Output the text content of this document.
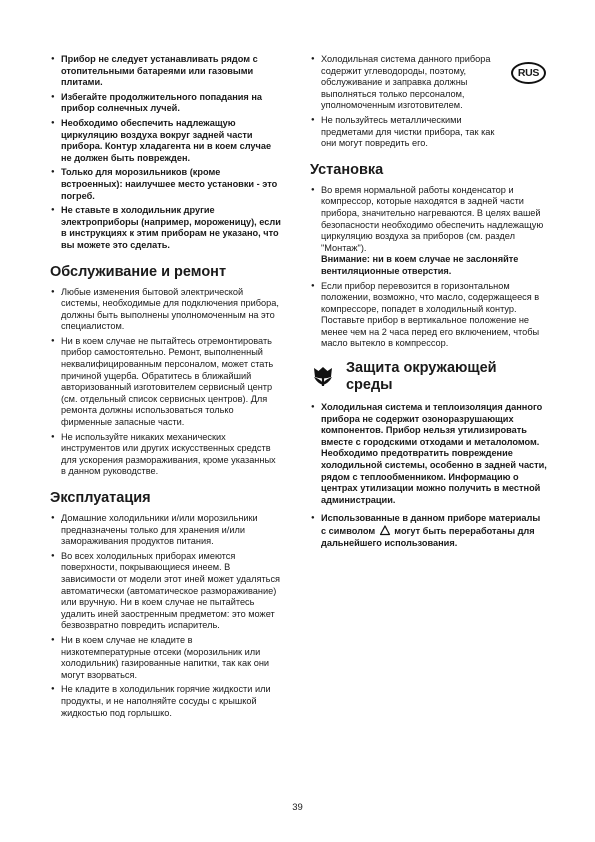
RUS
● Прибор не следует устанавливать рядом с отопительными батареями или газовыми плитами.
● Избегайте продолжительного попадания на прибор солнечных лучей.
● Необходимо обеспечить надлежащую циркуляцию воздуха вокруг задней части прибора. Контур хладагента ни в коем случае не должен быть поврежден.
● Только для морозильников (кроме встроенных): наилучшее место установки - это погреб.
● Не ставьте в холодильник другие электроприборы (например, мороженицу), если в инструкциях к этим приборам не указано, что вы можете это сделать.
Обслуживание и ремонт
● Любые изменения бытовой электрической системы, необходимые для подключения прибора, должны быть выполнены уполномоченным на это специалистом.
● Ни в коем случае не пытайтесь отремонтировать прибор самостоятельно. Ремонт, выполненный неквалифицированным персоналом, может стать причиной ущерба. Обратитесь в ближайший авторизованный изготовителем сервисный центр (см. отдельный список сервисных центров). Для ремонта должны использоваться только фирменные запасные части.
● Не используйте никаких механических инструментов или других искусственных средств для ускорения размораживания, кроме указанных в данном руководстве.
Эксплуатация
● Домашние холодильники и/или морозильники предназначены только для хранения и/или замораживания продуктов питания.
● Во всех холодильных приборах имеются поверхности, покрывающиеся инеем. В зависимости от модели этот иней может удаляться автоматически (автоматическое размораживание) или вручную. Ни в коем случае не пытайтесь удалить иней заостренным предметом: это может безвозвратно повредить испаритель.
● Ни в коем случае не кладите в низкотемпературные отсеки (морозильник или холодильник) газированные напитки, так как они могут взорваться.
● Не кладите в холодильник горячие жидкости или продукты, и не наполняйте сосуды с крышкой жидкостью под горлышко.
● Холодильная система данного прибора содержит углеводороды, поэтому, обслуживание и заправка должны выполняться только персоналом, уполномоченным изготовителем.
● Не пользуйтесь металлическими предметами для чистки прибора, так как они могут повредить его.
Установка
● Во время нормальной работы конденсатор и компрессор, которые находятся в задней части прибора, значительно нагреваются. В целях вашей безопасности необходимо обеспечить надлежащую циркуляцию воздуха за приборов (см. раздел "Монтаж").

Внимание: ни в коем случае не заслоняйте вентиляционные отверстия.

● Если прибор перевозится в горизонтальном положении, возможно, что масло, содержащееся в компрессоре, попадет в холодильный контур. Поставьте прибор в вертикальное положение не менее чем на 2 часа перед его включением, чтобы масло вытекло в компрессор.

Защита окружающей среды
● Холодильная система и теплоизоляция данного прибора не содержит озоноразрушающих компонентов. Прибор нельзя утилизировать вместе с городскими отходами и металоломом. Необходимо предотвратить повреждение холодильной системы, особенно в задней части, рядом с теплообменником. Информацию о центрах утилизации можно получить в местной администрации.
● Использованные в данном приборе материалы с символом могут быть переработаны для
дальнейшего использования.
39
